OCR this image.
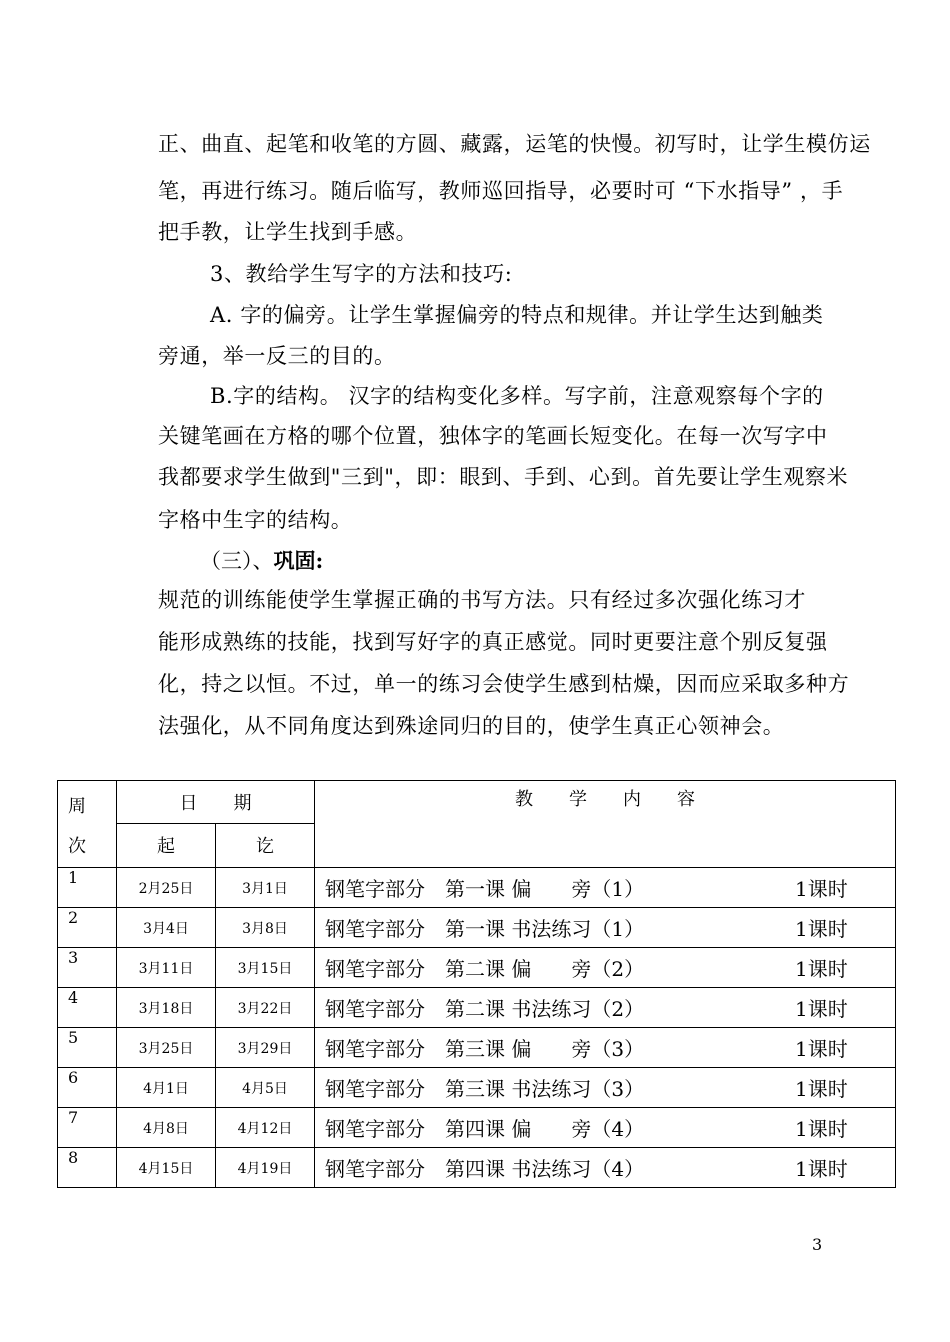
正、曲直、起笔和收笔的方圆、藏露，运笔的快慢。初写时，让学生模仿运
笔，再进行练习。随后临写，教师巡回指导，必要时可 “下水指导” ，手
把手教，让学生找到手感。
3、教给学生写字的方法和技巧:
A. 字的偏旁。让学生掌握偏旁的特点和规律。并让学生达到触类
旁通，举一反三的目的。
B.字的结构。 汉字的结构变化多样。写字前，注意观察每个字的
关键笔画在方格的哪个位置，独体字的笔画长短变化。在每一次写字中
我都要求学生做到"三到"，即：眼到、手到、心到。首先要让学生观察米
字格中生字的结构。
（三）、巩固:
规范的训练能使学生掌握正确的书写方法。只有经过多次强化练习才
能形成熟练的技能，找到写好字的真正感觉。同时更要注意个别反复强
化，持之以恒。不过，单一的练习会使学生感到枯燥，因而应采取多种方
法强化，从不同角度达到殊途同归的目的，使学生真正心领神会。
周
次	日　　期		教　　学　　内　　容
	起	讫	
1	2月25日	3月1日	钢笔字部分　第一课 偏　　旁（1） 1课时

2	3月4日	3月8日	钢笔字部分　第一课 书法练习（1） 1课时

3	3月11日	3月15日	钢笔字部分　第二课 偏　　旁（2） 1课时

4	3月18日	3月22日	钢笔字部分　第二课 书法练习（2） 1课时

5	3月25日	3月29日	钢笔字部分　第三课 偏　　旁（3） 1课时

6	4月1日	4月5日	钢笔字部分　第三课 书法练习（3） 1课时

7	4月8日	4月12日	钢笔字部分　第四课 偏　　旁（4） 1课时

8	4月15日	4月19日	钢笔字部分　第四课 书法练习（4） 1课时
3
